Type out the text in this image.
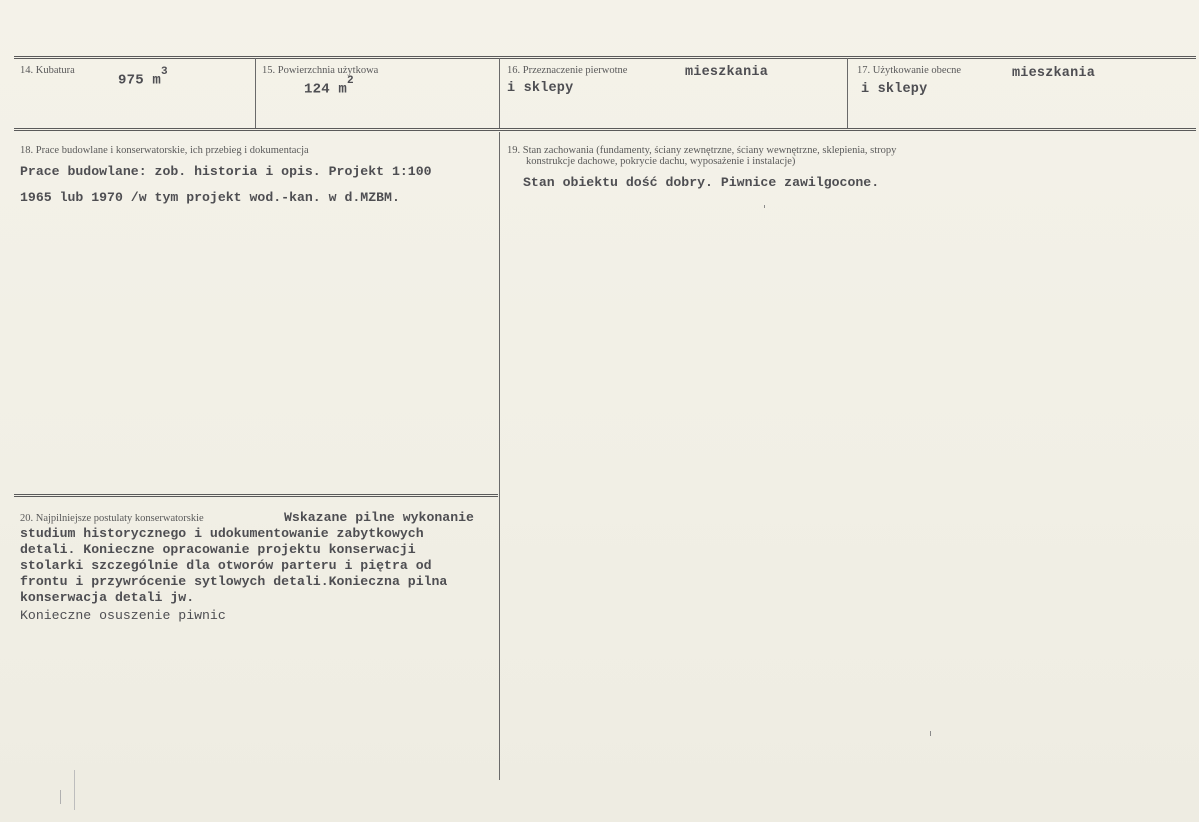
14. Kubatura
975 $m^3$	15. Powierzchnia użytkowa
124 $m^2$
16. Przeznaczenie pierwotne	mieszkania
i sklepy
17. Użytkowanie obecne	mieszkania
i sklepy
18. Prace budowlane i konserwatorskie, ich przebieg i dokumentacja
Prace budowlane: zob. historia i opis. Projekt 1:100
1965 lub 1970 /w tym projekt wod.-kan. w d.MZBM.
19. Stan zachowania (fundamenty, ściany zewnętrzne, ściany wewnętrzne, sklepienia, stropy
konstrukcje dachowe, pokrycie dachu, wyposażenie i instalacje)
Stan obiektu dość dobry. Piwnice zawilgocone.
20. Najpilniejsze postulaty konserwatorskie	Wskazane pilne wykonanie
studium historycznego i udokumentowanie zabytkowych
detali. Konieczne opracowanie projektu konserwacji
stolarki szczególnie dla otworów parteru i piętra od
frontu i przywrócenie sytlowych detali.Konieczna pilna
konserwacja detali jw.
Konieczne osuszenie piwnic
